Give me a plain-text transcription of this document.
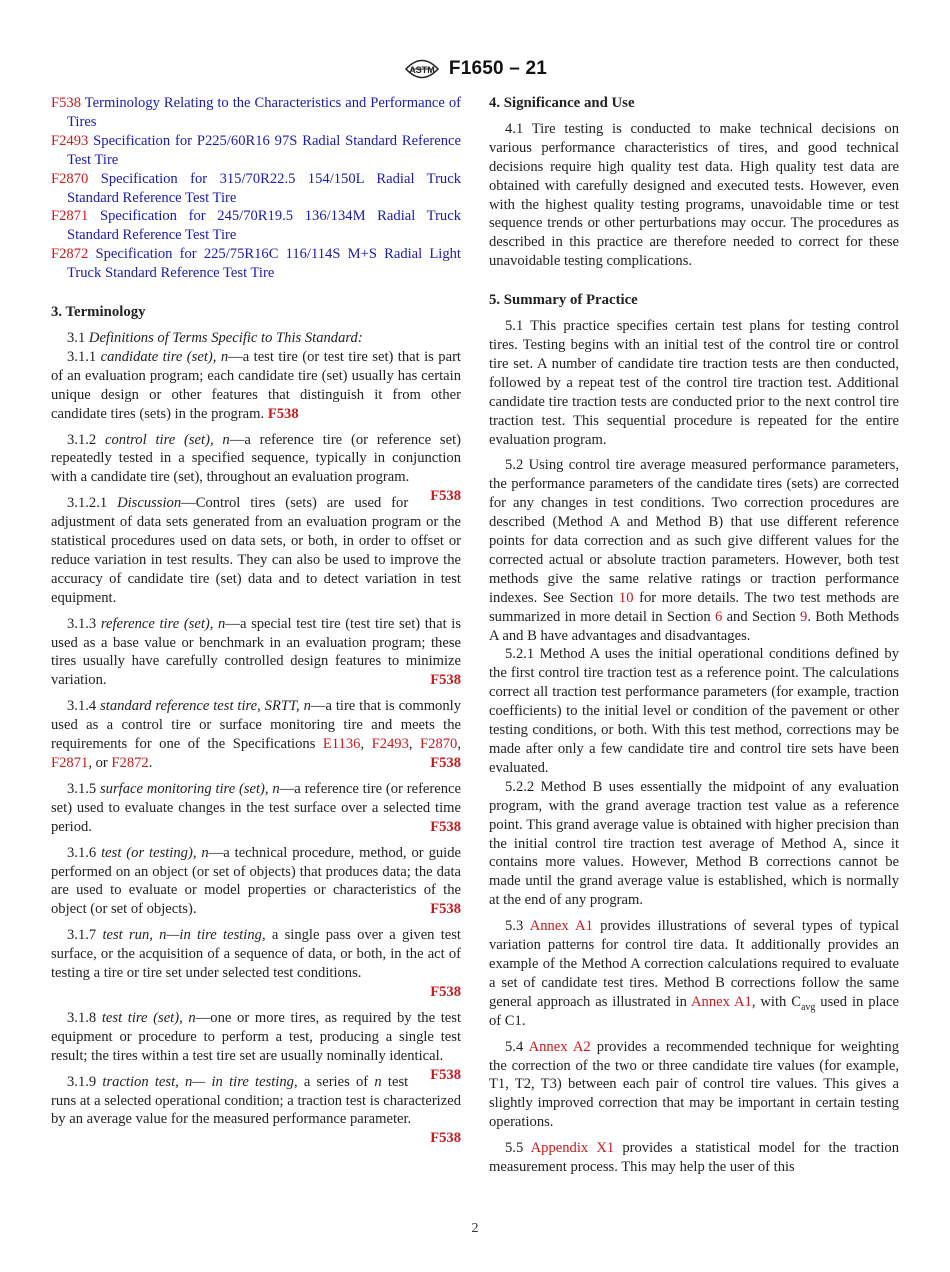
ASTM F1650 – 21

F538 Terminology Relating to the Characteristics and Performance of Tires

F2493 Specification for P225/60R16 97S Radial Standard Reference Test Tire

F2870 Specification for 315/70R22.5 154/150L Radial Truck Standard Reference Test Tire

F2871 Specification for 245/70R19.5 136/134M Radial Truck Standard Reference Test Tire

F2872 Specification for 225/75R16C 116/114S M+S Radial Light Truck Standard Reference Test Tire

3. Terminology

3.1 Definitions of Terms Specific to This Standard:

3.1.1 candidate tire (set), n—a test tire (or test tire set) that is part of an evaluation program; each candidate tire (set) usually has certain unique design or other features that distinguish it from other candidate tires (sets) in the program. F538

3.1.2 control tire (set), n—a reference tire (or reference set) repeatedly tested in a specified sequence, typically in conjunction with a candidate tire (set), throughout an evaluation program.
F538

3.1.2.1 Discussion—Control tires (sets) are used for adjustment of data sets generated from an evaluation program or the statistical procedures used on data sets, or both, in order to offset or reduce variation in test results. They can also be used to improve the accuracy of candidate tire (set) data and to detect variation in test equipment.

3.1.3 reference tire (set), n—a special test tire (test tire set) that is used as a base value or benchmark in an evaluation program; these tires usually have carefully controlled design features to minimize variation.	F538

3.1.4 standard reference test tire, SRTT, n—a tire that is commonly used as a control tire or surface monitoring tire and meets the requirements for one of the Specifications E1136, F2493, F2870, F2871, or F2872.	F538

3.1.5 surface monitoring tire (set), n—a reference tire (or reference set) used to evaluate changes in the test surface over a selected time period.	F538

3.1.6 test (or testing), n—a technical procedure, method, or guide performed on an object (or set of objects) that produces data; the data are used to evaluate or model properties or characteristics of the object (or set of objects).	F538

3.1.7 test run, n—in tire testing, a single pass over a given test surface, or the acquisition of a sequence of data, or both, in the act of testing a tire or tire set under selected test conditions.

F538

3.1.8 test tire (set), n—one or more tires, as required by the test equipment or procedure to perform a test, producing a single test result; the tires within a test tire set are usually nominally identical.
F538

3.1.9 traction test, n— in tire testing, a series of n test runs at a selected operational condition; a traction test is characterized by an average value for the measured performance parameter.
F538

4. Significance and Use

4.1 Tire testing is conducted to make technical decisions on various performance characteristics of tires, and good technical decisions require high quality test data. High quality test data are obtained with carefully designed and executed tests. However, even with the highest quality testing programs, unavoidable time or test sequence trends or other perturbations may occur. The procedures as described in this practice are therefore needed to correct for these unavoidable testing complications.

5. Summary of Practice

5.1 This practice specifies certain test plans for testing control tires. Testing begins with an initial test of the control tire or control tire set. A number of candidate tire traction tests are then conducted, followed by a repeat test of the control tire traction test. Additional candidate tire traction tests are conducted prior to the next control tire traction test. This sequential procedure is repeated for the entire evaluation program.

5.2 Using control tire average measured performance parameters, the performance parameters of the candidate tires (sets) are corrected for any changes in test conditions. Two correction procedures are described (Method A and Method B) that use different reference points for data correction and as such give different values for the corrected actual or absolute traction parameters. However, both test methods give the same relative ratings or traction performance indexes. See Section 10 for more details. The two test methods are summarized in more detail in Section 6 and Section 9. Both Methods A and B have advantages and disadvantages.

5.2.1 Method A uses the initial operational conditions defined by the first control tire traction test as a reference point. The calculations correct all traction test performance parameters (for example, traction coefficients) to the initial level or condition of the pavement or other testing conditions, or both. With this test method, corrections may be made after only a few candidate tire and control tire sets have been evaluated.

5.2.2 Method B uses essentially the midpoint of any evaluation program, with the grand average traction test value as a reference point. This grand average value is obtained with higher precision than the initial control tire traction test average of Method A, since it contains more values. However, Method B corrections cannot be made until the grand average value is established, which is normally at the end of any program.

5.3 Annex A1 provides illustrations of several types of typical variation patterns for control tire data. It additionally provides an example of the Method A correction calculations required to evaluate a set of candidate test tires. Method B corrections follow the same general approach as illustrated in Annex A1, with $C_{avg}$ used in place of C1.

5.4 Annex A2 provides a recommended technique for weighting the correction of the two or three candidate tire values (for example, T1, T2, T3) between each pair of control tire values. This gives a slightly improved correction that may be important in certain testing operations.

5.5 Appendix X1 provides a statistical model for the traction measurement process. This may help the user of this

2
